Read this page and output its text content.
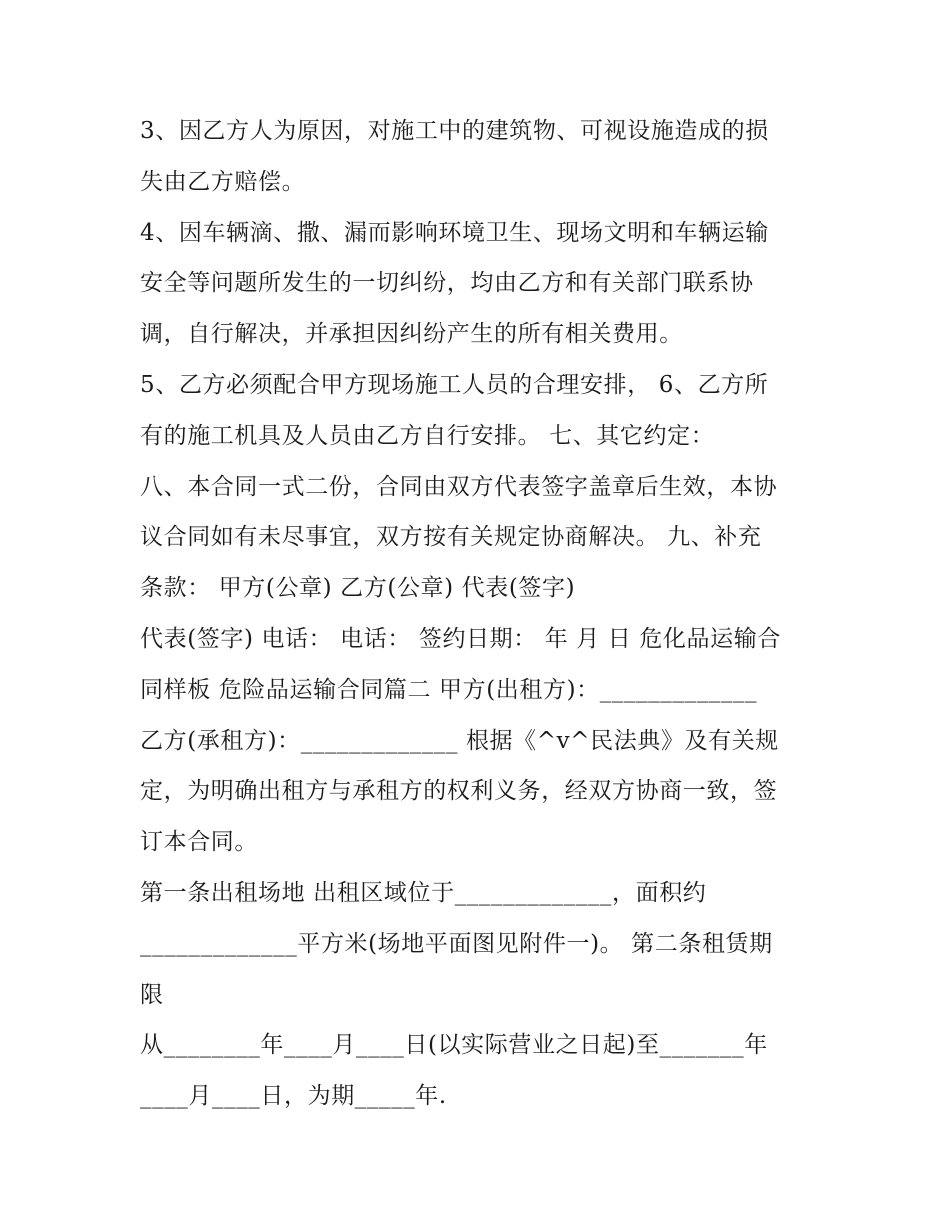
3、因乙方人为原因，对施工中的建筑物、可视设施造成的损
失由乙方赔偿。
4、因车辆滴、撒、漏而影响环境卫生、现场文明和车辆运输
安全等问题所发生的一切纠纷，均由乙方和有关部门联系协
调，自行解决，并承担因纠纷产生的所有相关费用。
5、乙方必须配合甲方现场施工人员的合理安排， 6、乙方所
有的施工机具及人员由乙方自行安排。 七、其它约定：
八、本合同一式二份，合同由双方代表签字盖章后生效，本协
议合同如有未尽事宜，双方按有关规定协商解决。 九、补充
条款： 甲方(公章) 乙方(公章) 代表(签字)
代表(签字) 电话： 电话： 签约日期： 年 月 日 危化品运输合
同样板 危险品运输合同篇二 甲方(出租方)：_____________
乙方(承租方)：_____________ 根据《^v^民法典》及有关规
定，为明确出租方与承租方的权利义务，经双方协商一致，签
订本合同。
第一条出租场地 出租区域位于_____________，面积约
_____________平方米(场地平面图见附件一)。 第二条租赁期
限
从________年____月____日(以实际营业之日起)至_______年
____月____日，为期_____年.
